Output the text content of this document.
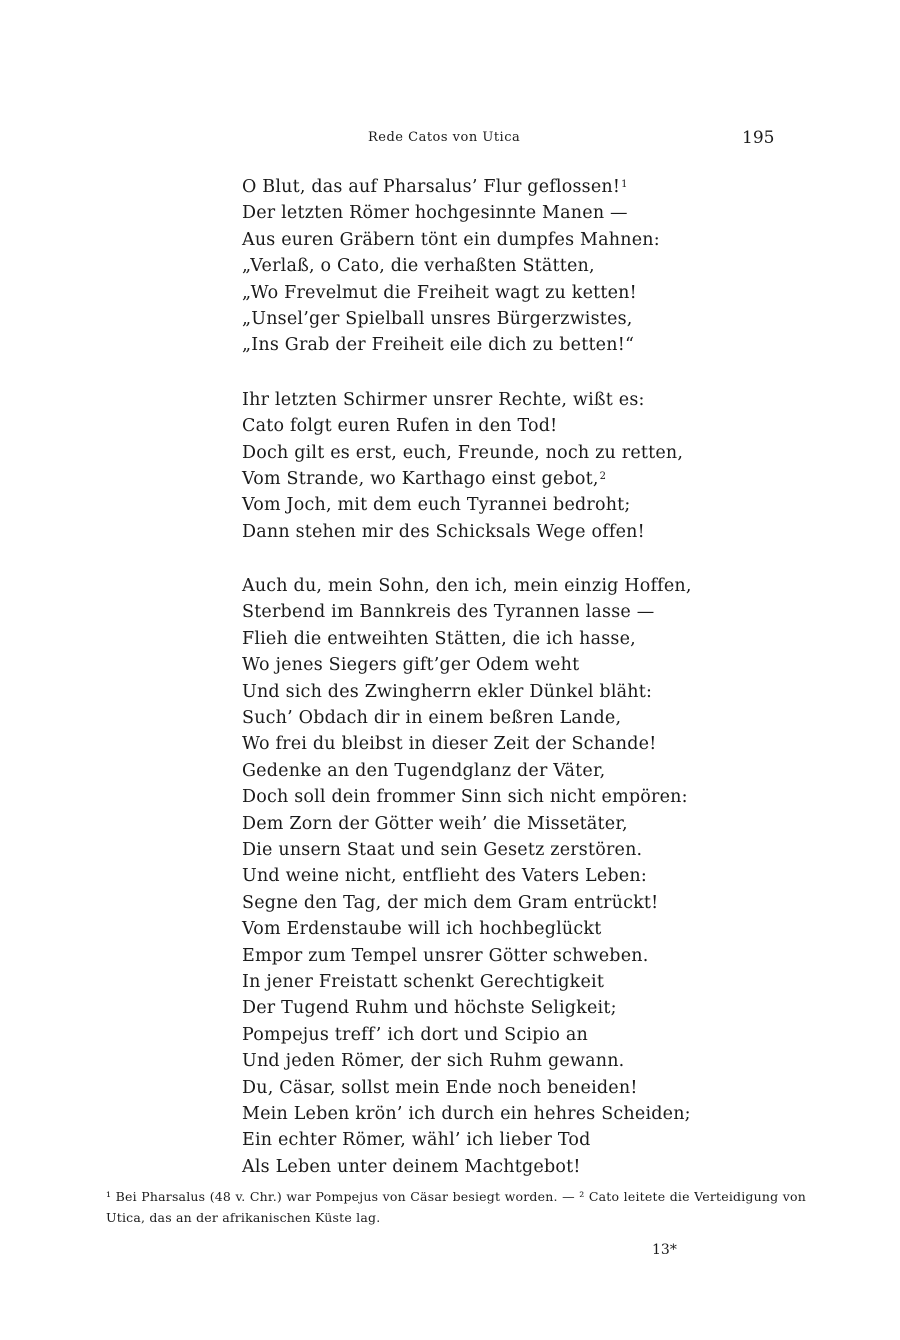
Rede Catos von Utica	195
O Blut, das auf Pharsalus’ Flur geflossen!$^1$
Der letzten Römer hochgesinnte Manen —
Aus euren Gräbern tönt ein dumpfes Mahnen:
„Verlaß, o Cato, die verhaßten Stätten,
„Wo Frevelmut die Freiheit wagt zu ketten!
„Unsel’ger Spielball unsres Bürgerzwistes,
„Ins Grab der Freiheit eile dich zu betten!“
Ihr letzten Schirmer unsrer Rechte, wißt es:
Cato folgt euren Rufen in den Tod!
Doch gilt es erst, euch, Freunde, noch zu retten,
Vom Strande, wo Karthago einst gebot,$^2$
Vom Joch, mit dem euch Tyrannei bedroht;
Dann stehen mir des Schicksals Wege offen!
Auch du, mein Sohn, den ich, mein einzig Hoffen,
Sterbend im Bannkreis des Tyrannen lasse —
Flieh die entweihten Stätten, die ich hasse,
Wo jenes Siegers gift’ger Odem weht
Und sich des Zwingherrn ekler Dünkel bläht:
Such’ Obdach dir in einem beßren Lande,
Wo frei du bleibst in dieser Zeit der Schande!
Gedenke an den Tugendglanz der Väter,
Doch soll dein frommer Sinn sich nicht empören:
Dem Zorn der Götter weih’ die Missetäter,
Die unsern Staat und sein Gesetz zerstören.
Und weine nicht, entflieht des Vaters Leben:
Segne den Tag, der mich dem Gram entrückt!
Vom Erdenstaube will ich hochbeglückt
Empor zum Tempel unsrer Götter schweben.
In jener Freistatt schenkt Gerechtigkeit
Der Tugend Ruhm und höchste Seligkeit;
Pompejus treff’ ich dort und Scipio an
Und jeden Römer, der sich Ruhm gewann.
Du, Cäsar, sollst mein Ende noch beneiden!
Mein Leben krön’ ich durch ein hehres Scheiden;
Ein echter Römer, wähl’ ich lieber Tod
Als Leben unter deinem Machtgebot!
¹ Bei Pharsalus (48 v. Chr.) war Pompejus von Cäsar besiegt worden. — ² Cato leitete die Verteidigung von Utica, das an der afrikanischen Küste lag.
13*
